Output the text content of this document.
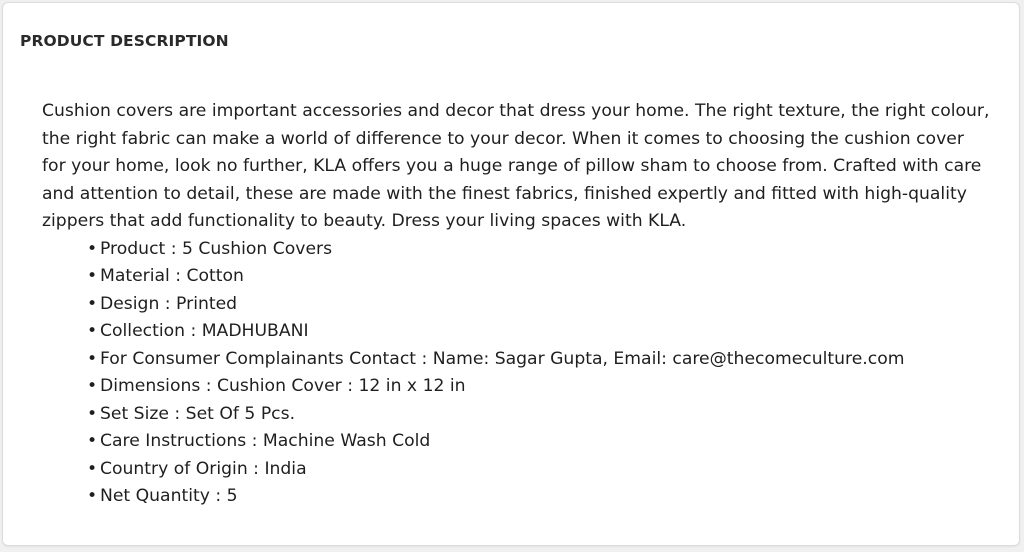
PRODUCT DESCRIPTION

Cushion covers are important accessories and decor that dress your home. The right texture, the right colour, the right fabric can make a world of difference to your decor. When it comes to choosing the cushion cover for your home, look no further, KLA offers you a huge range of pillow sham to choose from. Crafted with care and attention to detail, these are made with the finest fabrics, finished expertly and fitted with high-quality zippers that add functionality to beauty. Dress your living spaces with KLA.

• Product : 5 Cushion Covers
• Material : Cotton
• Design : Printed
• Collection : MADHUBANI
• For Consumer Complainants Contact : Name: Sagar Gupta, Email: care@thecomeculture.com
• Dimensions : Cushion Cover : 12 in x 12 in
• Set Size : Set Of 5 Pcs.
• Care Instructions : Machine Wash Cold
• Country of Origin : India
• Net Quantity : 5
